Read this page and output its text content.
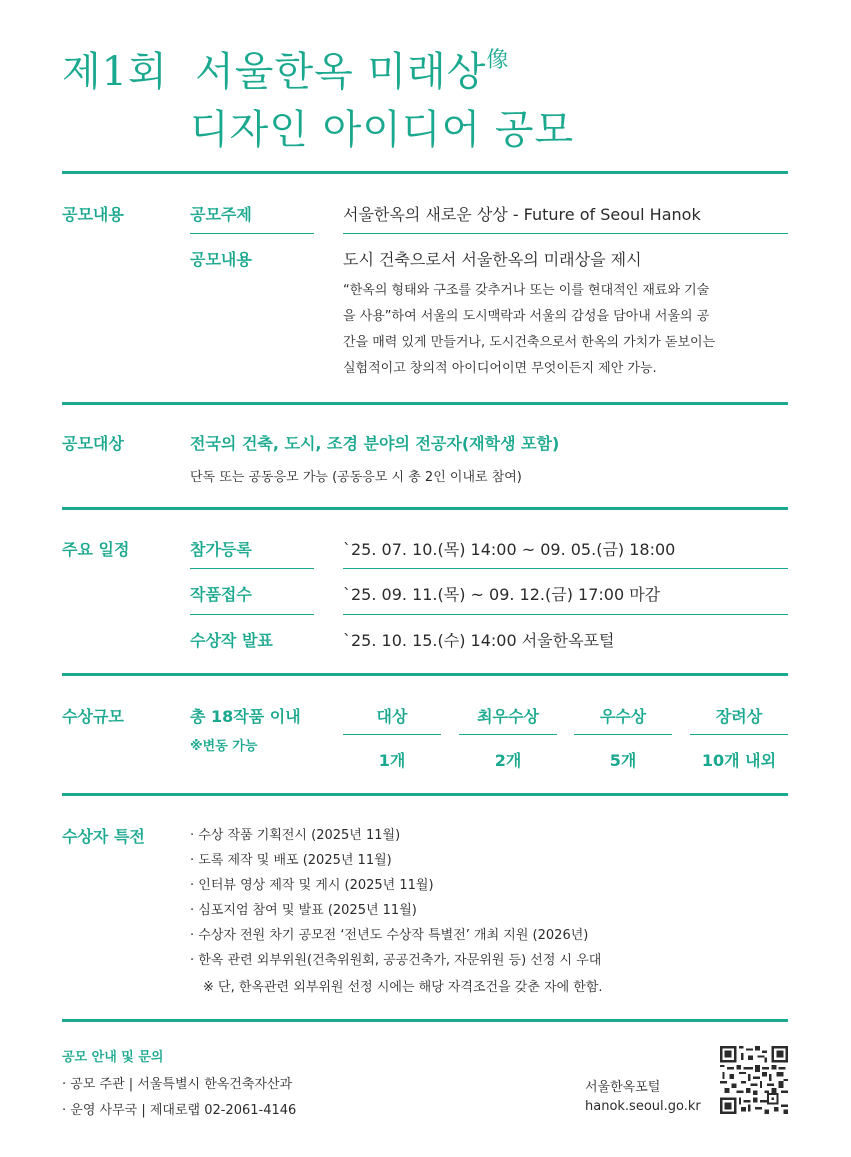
제1회  서울한옥 미래상$^像$
디자인 아이디어 공모
공모내용	공모주제	서울한옥의 새로운 상상 - Future of Seoul Hanok
공모내용	도시 건축으로서 서울한옥의 미래상을 제시
“한옥의 형태와 구조를 갖추거나 또는 이를 현대적인 재료와 기술
을 사용”하여 서울의 도시맥락과 서울의 감성을 담아내 서울의 공
간을 매력 있게 만들거나, 도시건축으로서 한옥의 가치가 돋보이는
실험적이고 창의적 아이디어이면 무엇이든지 제안 가능.
공모대상	전국의 건축, 도시, 조경 분야의 전공자(재학생 포함)
단독 또는 공동응모 가능 (공동응모 시 총 2인 이내로 참여)
주요 일정	참가등록	`25. 07. 10.(목) 14:00 ~ 09. 05.(금) 18:00
작품접수	`25. 09. 11.(목) ~ 09. 12.(금) 17:00 마감
수상작 발표	`25. 10. 15.(수) 14:00 서울한옥포털
수상규모	총 18작품 이내
※변동 가능
대상	최우수상	우수상	장려상
1개	2개	5개	10개 내외
수상자 특전	· 수상 작품 기획전시 (2025년 11월)
· 도록 제작 및 배포 (2025년 11월)
· 인터뷰 영상 제작 및 게시 (2025년 11월)
· 심포지엄 참여 및 발표 (2025년 11월)
· 수상자 전원 차기 공모전 ‘전년도 수상작 특별전’ 개최 지원 (2026년)
· 한옥 관련 외부위원(건축위원회, 공공건축가, 자문위원 등) 선정 시 우대
※ 단, 한옥관련 외부위원 선정 시에는 해당 자격조건을 갖춘 자에 한함.
공모 안내 및 문의
· 공모 주관 | 서울특별시 한옥건축자산과
· 운영 사무국 | 제대로랩 02-2061-4146
서울한옥포털
hanok.seoul.go.kr
